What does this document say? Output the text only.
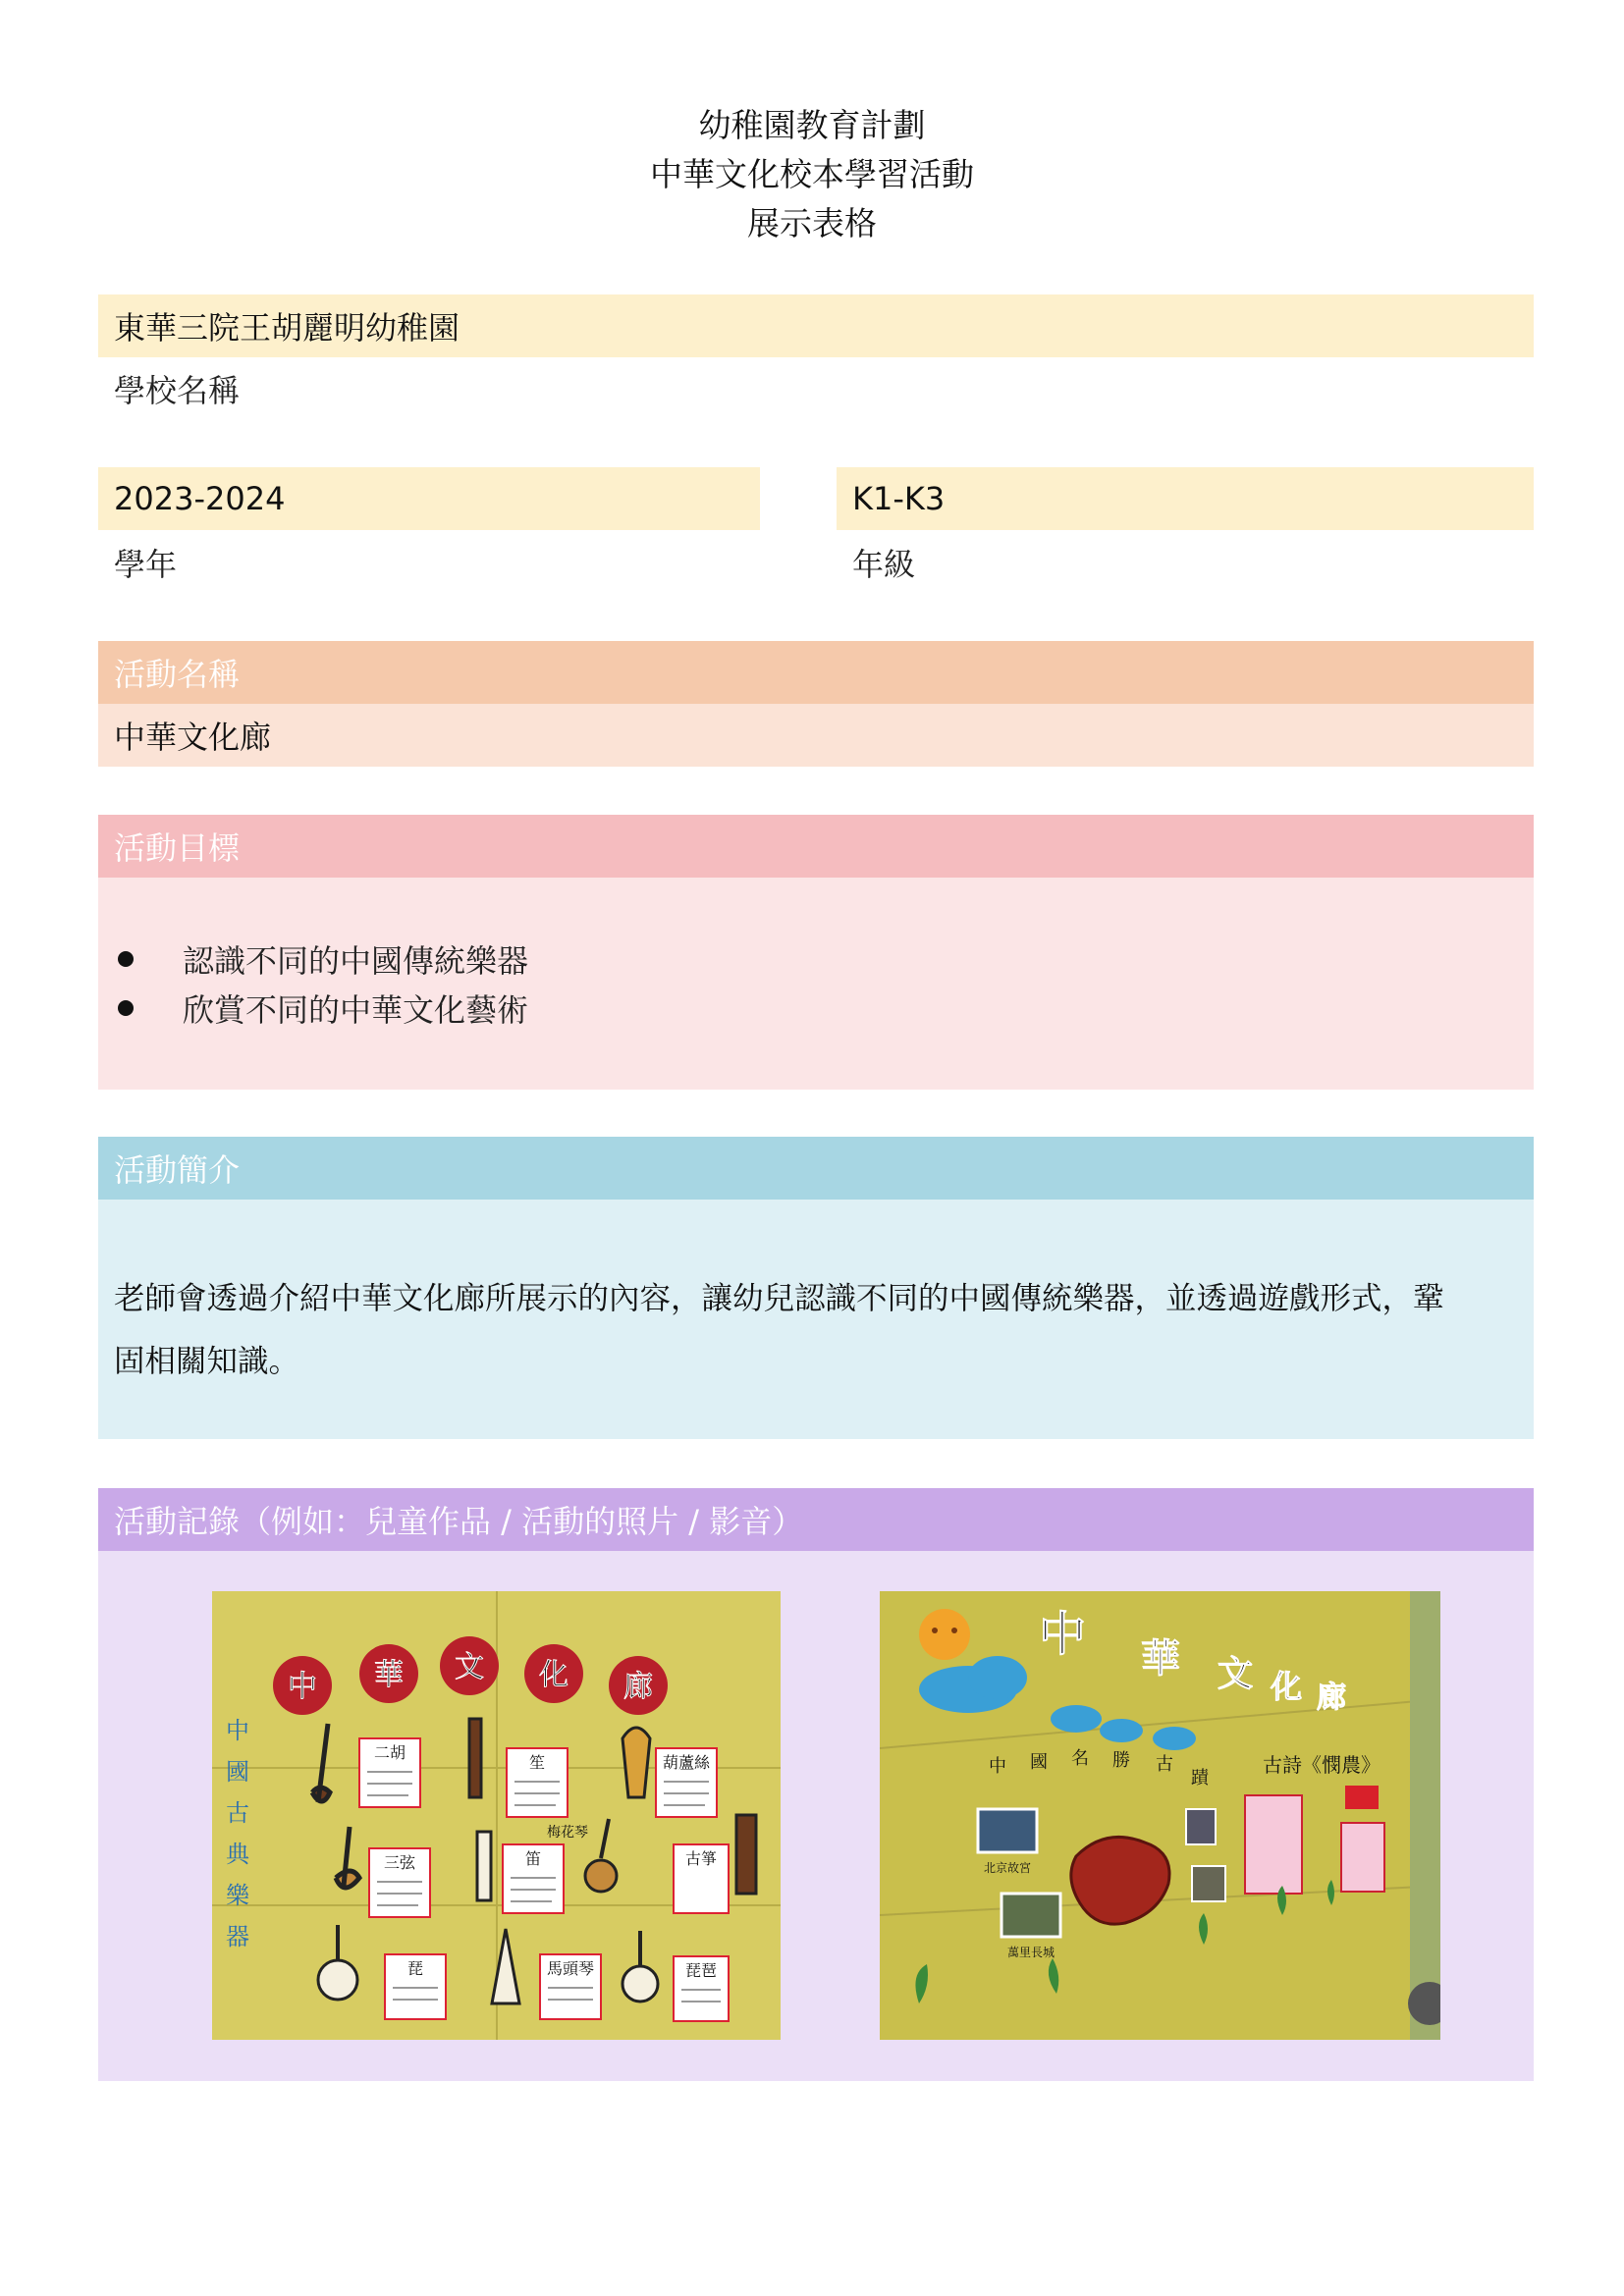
幼稚園教育計劃
中華文化校本學習活動
展示表格
東華三院王胡麗明幼稚園
學校名稱
2023-2024
學年
K1-K3
年級
活動名稱
中華文化廊
活動目標
認識不同的中國傳統樂器
欣賞不同的中華文化藝術
活動簡介
老師會透過介紹中華文化廊所展示的內容，讓幼兒認識不同的中國傳統樂器，並透過遊戲形式，鞏
固相關知識。
活動記錄（例如：兒童作品 / 活動的照片 / 影音）
中 華 文 化 廊
中
國
古
典
樂
器
二胡
笙	葫蘆絲
三弦	笛	古箏
琵	馬頭琴	琵琶
梅花琴
中 華 文 化 廊
中 國 名 勝 古
蹟
古詩《憫農》
北京故宮
萬里長城
